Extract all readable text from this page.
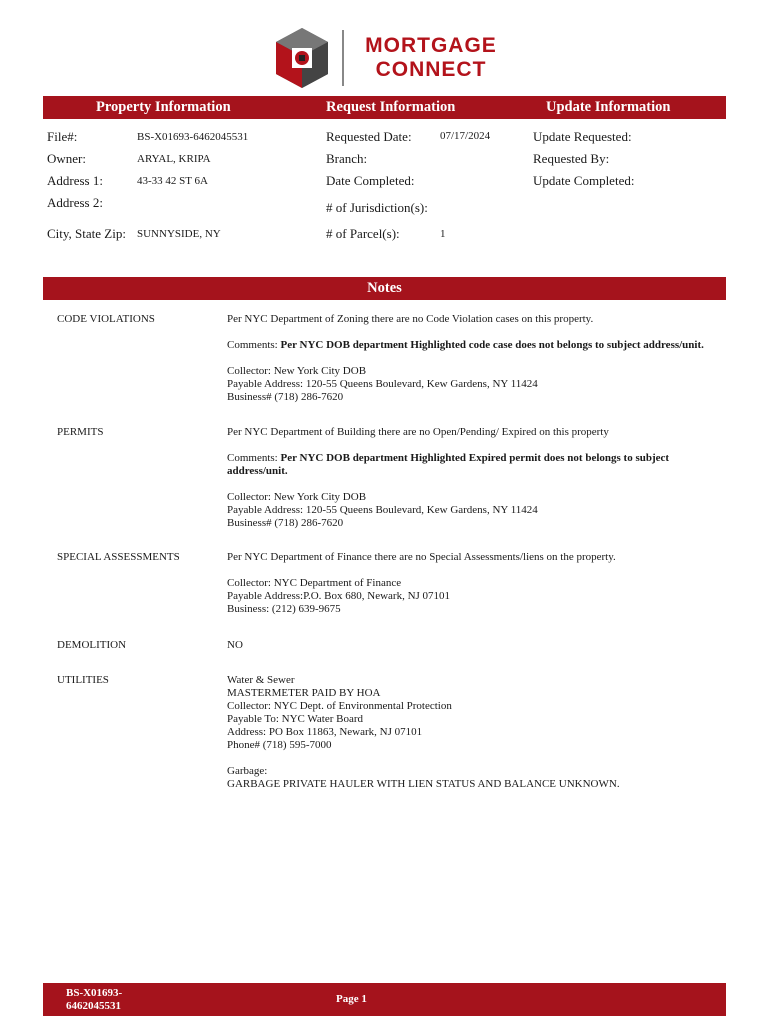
MORTGAGE
CONNECT
Property Information	Request Information	Update Information
File#:	BS-X01693-6462045531
Owner:	ARYAL, KRIPA
Address 1:	43-33 42 ST 6A
Address 2:
City, State Zip: SUNNYSIDE, NY
Requested Date:	07/17/2024
Branch:
Date Completed:
# of Jurisdiction(s):
# of Parcel(s):	1
Update Requested:
Requested By:
Update Completed:
Notes
CODE VIOLATIONS	Per NYC Department of Zoning there are no Code Violation cases on this property.
Comments: Per NYC DOB department Highlighted code case does not belongs to subject address/unit.
Collector: New York City DOB
Payable Address: 120-55 Queens Boulevard, Kew Gardens, NY 11424
Business# (718) 286-7620
PERMITS	Per NYC Department of Building there are no Open/Pending/ Expired on this property
Comments: Per NYC DOB department Highlighted Expired permit does not belongs to subject
address/unit.
Collector: New York City DOB
Payable Address: 120-55 Queens Boulevard, Kew Gardens, NY 11424
Business# (718) 286-7620
SPECIAL ASSESSMENTS	Per NYC Department of Finance there are no Special Assessments/liens on the property.
Collector: NYC Department of Finance
Payable Address:P.O. Box 680, Newark, NJ 07101
Business: (212) 639-9675
DEMOLITION	NO
UTILITIES	Water & Sewer
MASTERMETER PAID BY HOA
Collector: NYC Dept. of Environmental Protection
Payable To: NYC Water Board
Address: PO Box 11863, Newark, NJ 07101
Phone# (718) 595-7000
Garbage:
GARBAGE PRIVATE HAULER WITH LIEN STATUS AND BALANCE UNKNOWN.
BS-X01693-
6462045531
Page 1
